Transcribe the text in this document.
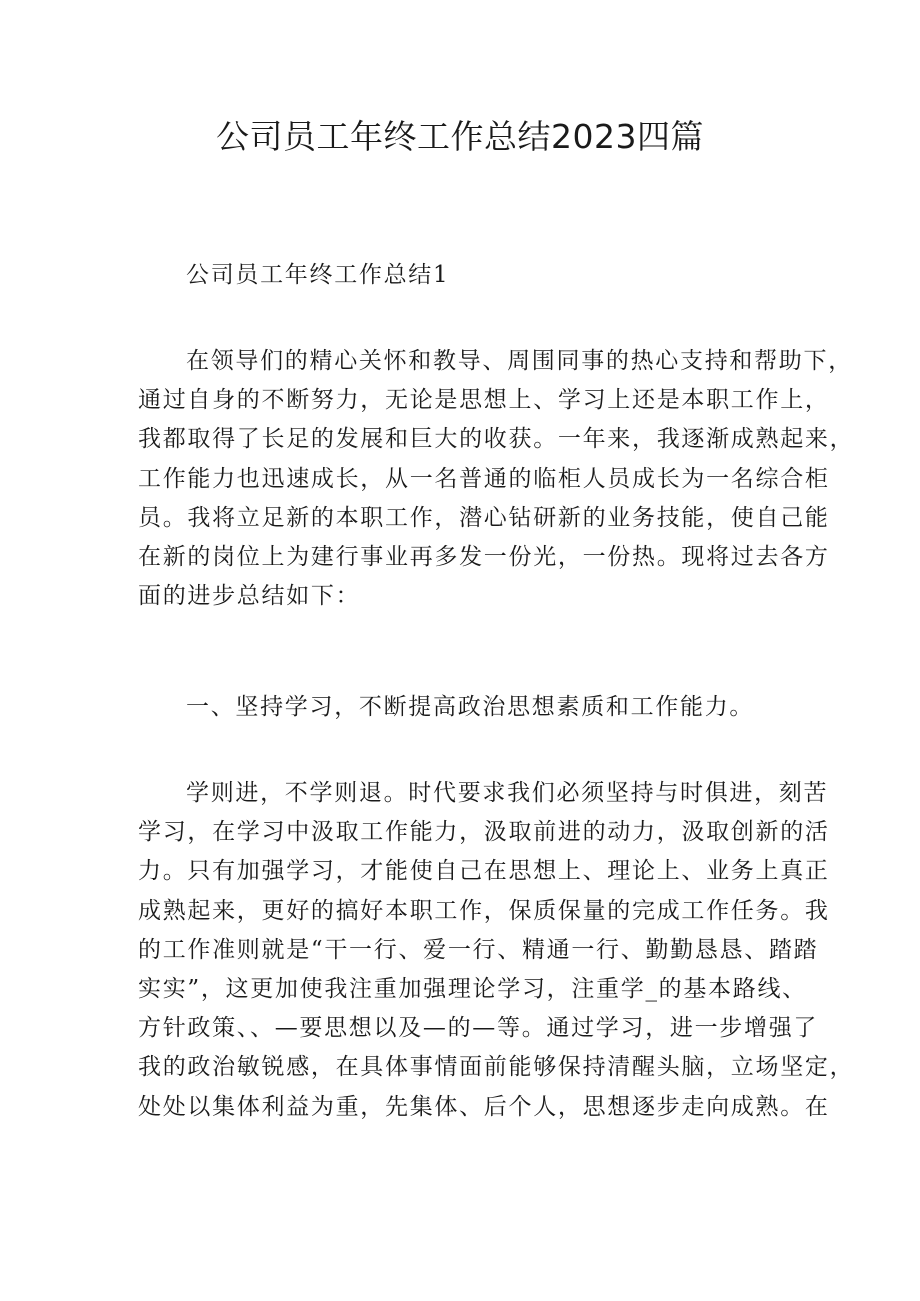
公司员工年终工作总结2023四篇

公司员工年终工作总结1

在领导们的精心关怀和教导、周围同事的热心支持和帮助下，
通过自身的不断努力，无论是思想上、学习上还是本职工作上，
我都取得了长足的发展和巨大的收获。一年来，我逐渐成熟起来，
工作能力也迅速成长，从一名普通的临柜人员成长为一名综合柜
员。我将立足新的本职工作，潜心钻研新的业务技能，使自己能
在新的岗位上为建行事业再多发一份光，一份热。现将过去各方
面的进步总结如下：

一、坚持学习，不断提高政治思想素质和工作能力。

学则进，不学则退。时代要求我们必须坚持与时俱进，刻苦
学习，在学习中汲取工作能力，汲取前进的动力，汲取创新的活
力。只有加强学习，才能使自己在思想上、理论上、业务上真正
成熟起来，更好的搞好本职工作，保质保量的完成工作任务。我
的工作准则就是“干一行、爱一行、精通一行、勤勤恳恳、踏踏
实实”，这更加使我注重加强理论学习，注重学_的基本路线、
方针政策、、—要思想以及—的—等。通过学习，进一步增强了
我的政治敏锐感，在具体事情面前能够保持清醒头脑，立场坚定，
处处以集体利益为重，先集体、后个人，思想逐步走向成熟。在
